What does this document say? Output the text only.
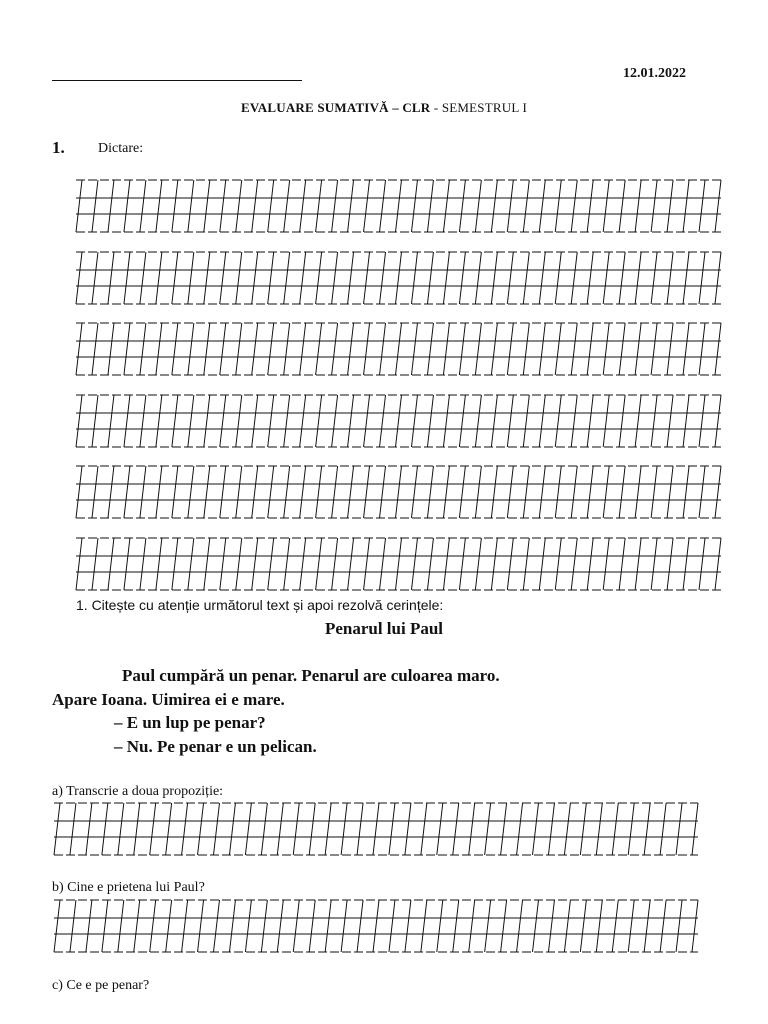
12.01.2022
EVALUARE SUMATIVĂ – CLR - SEMESTRUL I
1. Dictare:
1. Citește cu atenție următorul text și apoi rezolvă cerințele:
Penarul lui Paul
Paul cumpără un penar. Penarul are culoarea maro.
Apare Ioana. Uimirea ei e mare.
– E un lup pe penar?
– Nu. Pe penar e un pelican.
a) Transcrie a doua propoziție:
b) Cine e prietena lui Paul?
c) Ce e pe penar?
